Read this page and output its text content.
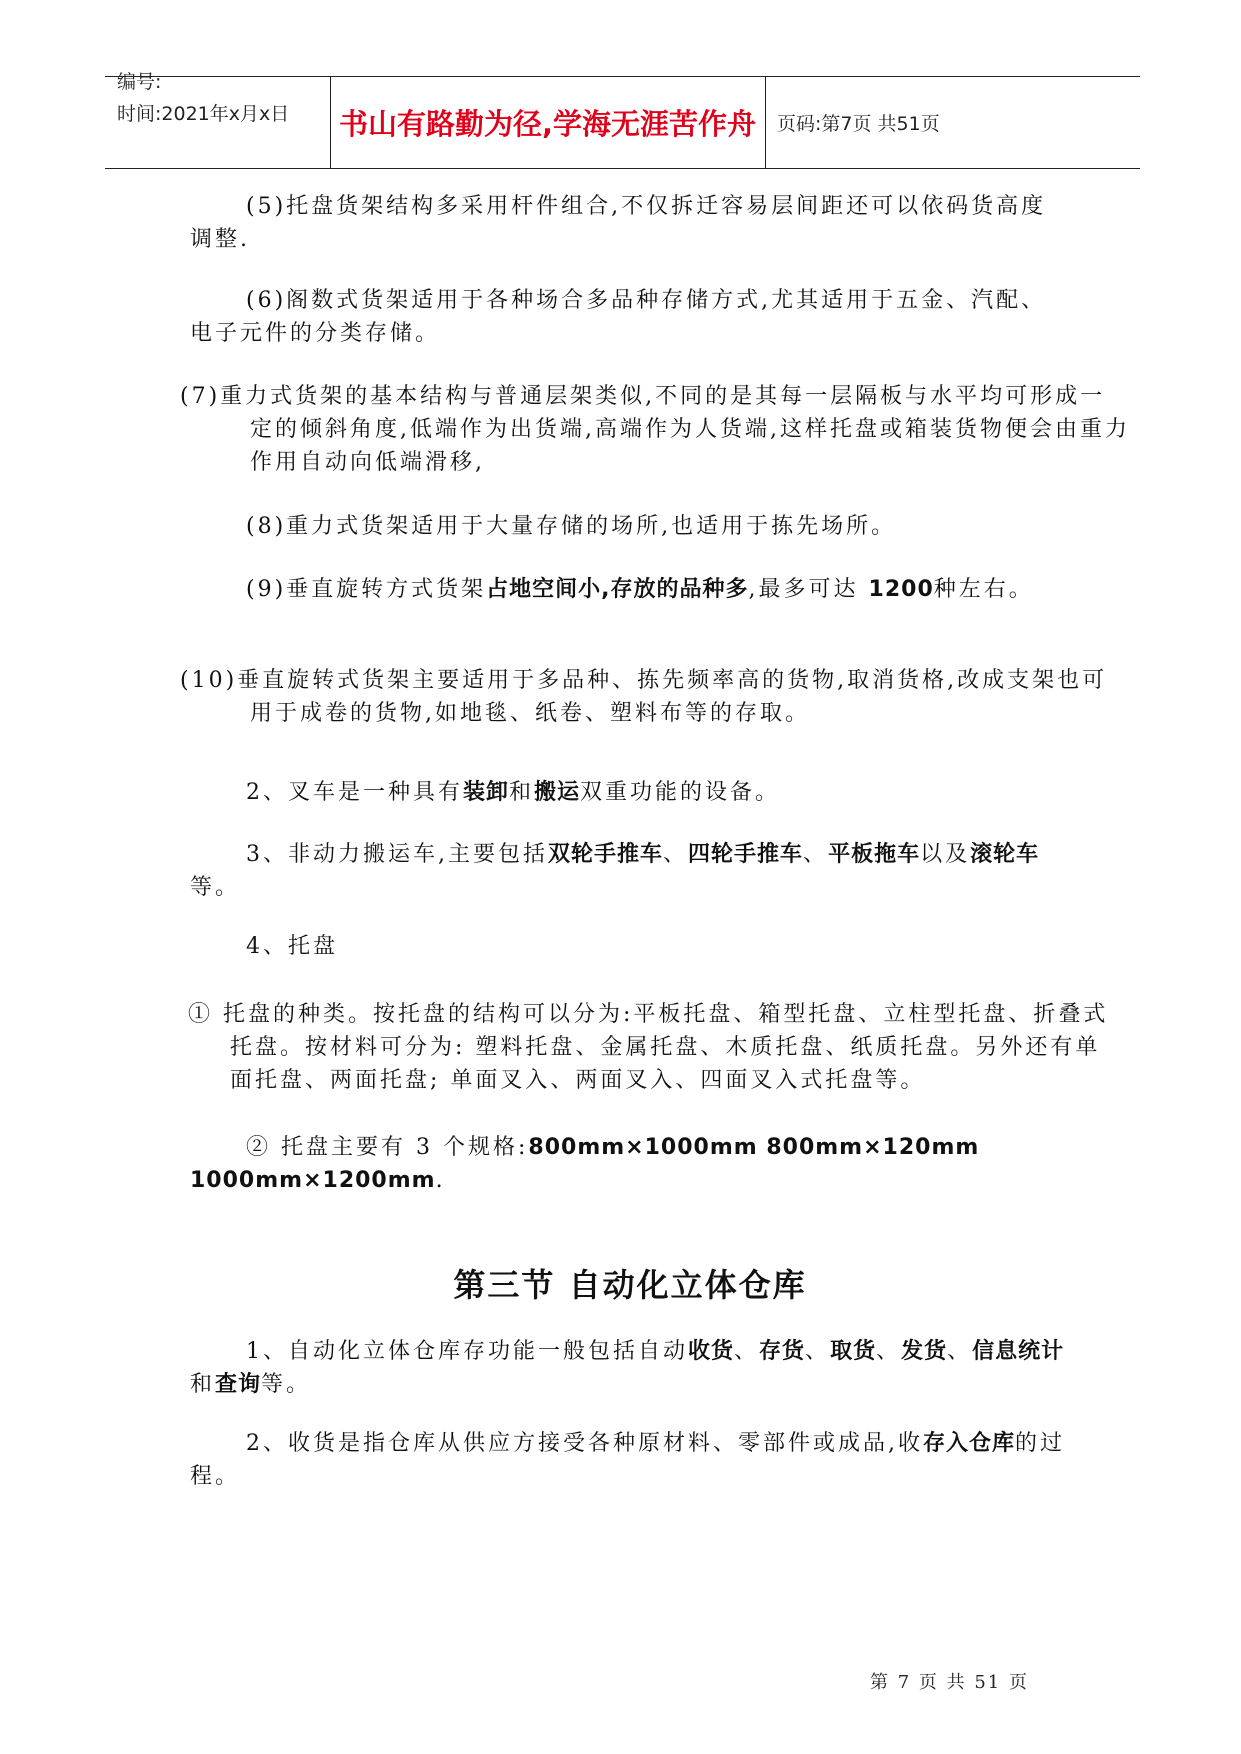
编号:
时间:2021年x月x日	书山有路勤为径,学海无涯苦作舟	页码:第7页 共51页
(5)托盘货架结构多采用杆件组合,不仅拆迁容易层间距还可以依码货高度调整.
(6)阁数式货架适用于各种场合多品种存储方式,尤其适用于五金、汽配、电子元件的分类存储。
(7)重力式货架的基本结构与普通层架类似,不同的是其每一层隔板与水平均可形成一定的倾斜角度,低端作为出货端,高端作为人货端,这样托盘或箱装货物便会由重力作用自动向低端滑移,
(8)重力式货架适用于大量存储的场所,也适用于拣先场所。
(9)垂直旋转方式货架占地空间小,存放的品种多,最多可达 1200种左右。
(10)垂直旋转式货架主要适用于多品种、拣先频率高的货物,取消货格,改成支架也可用于成卷的货物,如地毯、纸卷、塑料布等的存取。
2、叉车是一种具有装卸和搬运双重功能的设备。
3、非动力搬运车,主要包括双轮手推车、四轮手推车、平板拖车以及滚轮车等。
4、托盘
① 托盘的种类。按托盘的结构可以分为:平板托盘、箱型托盘、立柱型托盘、折叠式托盘。按材料可分为: 塑料托盘、金属托盘、木质托盘、纸质托盘。另外还有单面托盘、两面托盘; 单面叉入、两面叉入、四面叉入式托盘等。
② 托盘主要有 3 个规格:800mm×1000mm 800mm×120mm 1000mm×1200mm.
第三节 自动化立体仓库
1、自动化立体仓库存功能一般包括自动收货、存货、取货、发货、信息统计和查询等。
2、收货是指仓库从供应方接受各种原材料、零部件或成品,收存入仓库的过程。
第 7 页 共 51 页
